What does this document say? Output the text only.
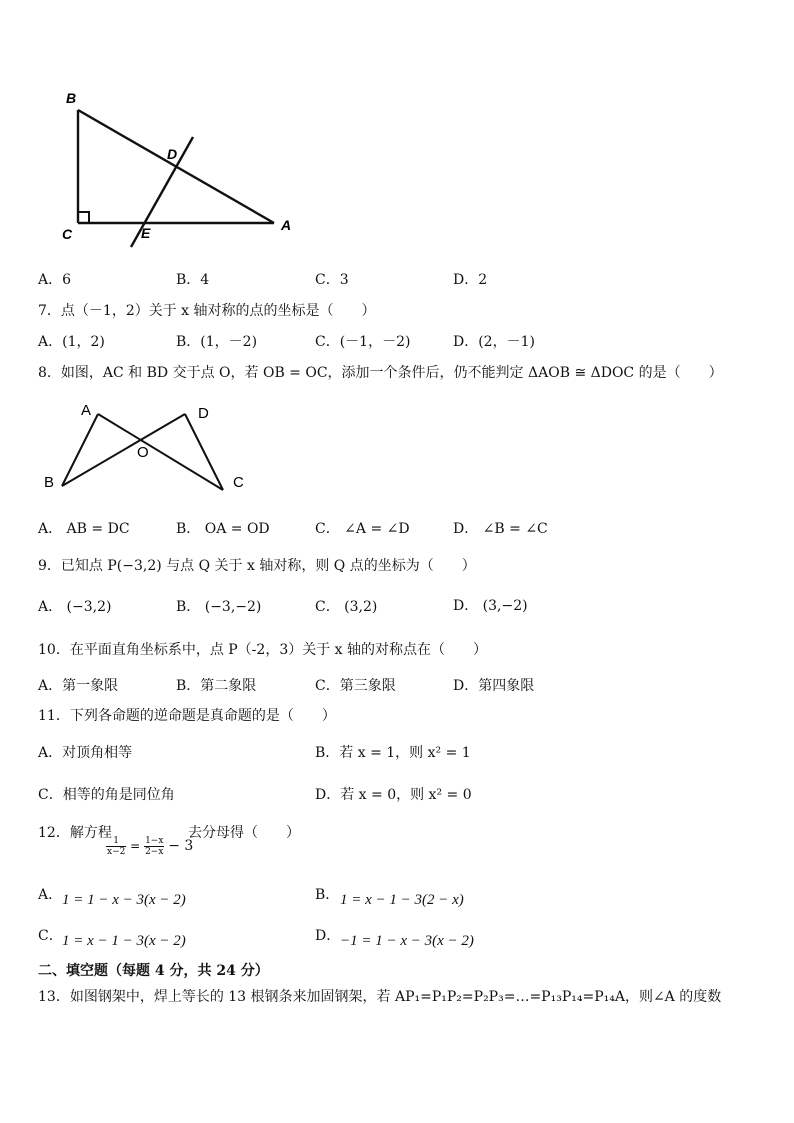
B
D
C	E	A
A．6	B．4	C．3	D．2
7．点（－1，2）关于 x 轴对称的点的坐标是（　　）
A．(1，2)	B．(1，－2)	C．(－1，－2)	D．(2，－1)
8．如图，AC 和 BD 交于点 O，若 OB = OC，添加一个条件后，仍不能判定 ΔAOB ≅ ΔDOC 的是（　　）
A	D
O
B	C
A． AB = DC	B． OA = OD	C． ∠A = ∠D	D． ∠B = ∠C
9．已知点 P(−3,2) 与点 Q 关于 x 轴对称，则 Q 点的坐标为（　　）
A． (−3,2)	B． (−3,−2)	C． (3,2)	D． (3,−2)
10．在平面直角坐标系中，点 P（-2，3）关于 x 轴的对称点在（　　）
A．第一象限	B．第二象限	C．第三象限	D．第四象限
11．下列各命题的逆命题是真命题的是（　　）
A．对顶角相等	B．若 x = 1，则 x² = 1
C．相等的角是同位角	D．若 x = 0，则 x² = 0
12．解方程
$\frac{1}{x-2} = \frac{1-x}{2-x} - 3$
去分母得（　　）
A． 1 = 1 − x − 3(x − 2)	B． 1 = x − 1 − 3(2 − x)
C． 1 = x − 1 − 3(x − 2)	D． −1 = 1 − x − 3(x − 2)
二、填空题（每题 4 分，共 24 分）
13．如图钢架中，焊上等长的 13 根钢条来加固钢架，若 AP₁=P₁P₂=P₂P₃=…=P₁₃P₁₄=P₁₄A，则∠A 的度数
